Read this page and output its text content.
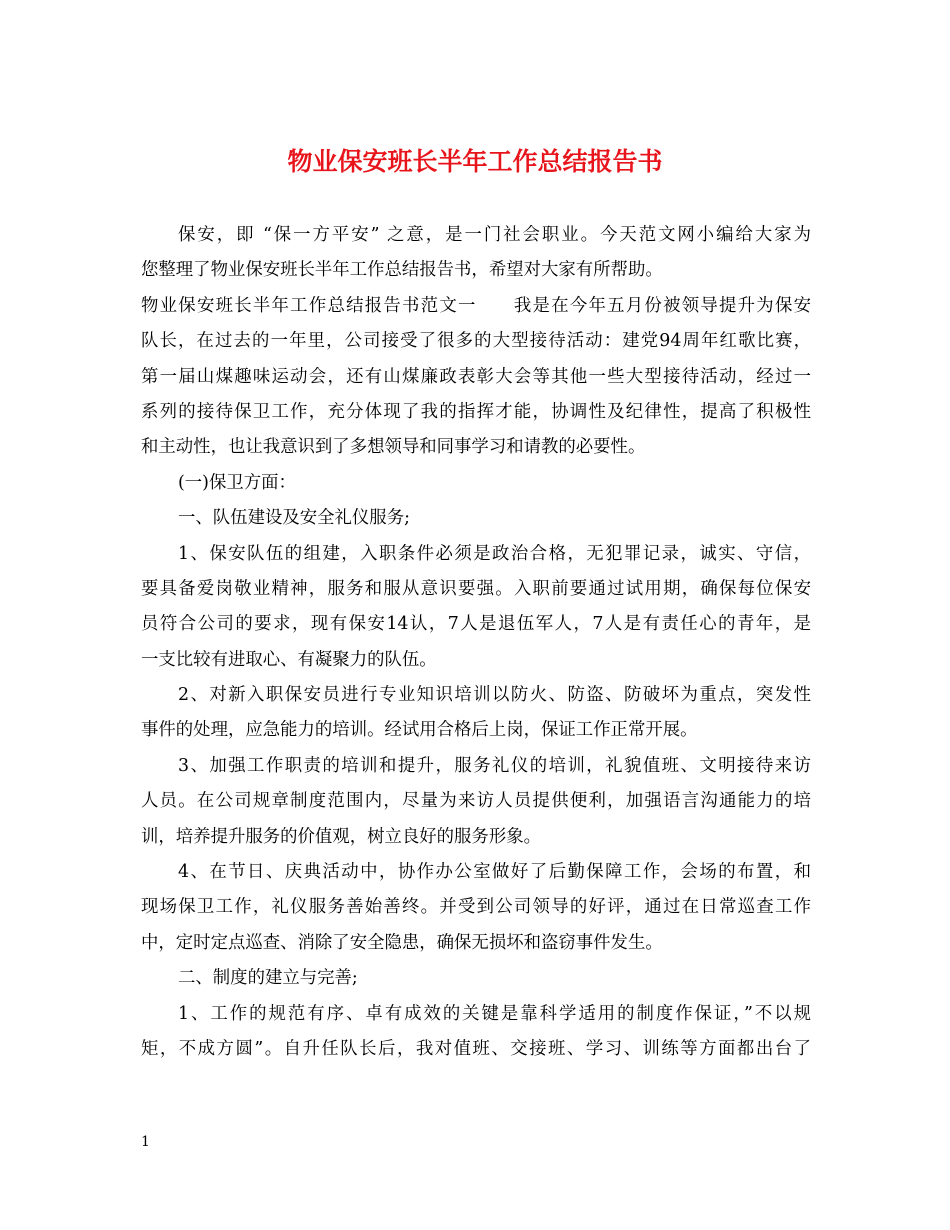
物业保安班长半年工作总结报告书
保安，即 “保一方平安” 之意，是一门社会职业。今天范文网小编给大家为
您整理了物业保安班长半年工作总结报告书，希望对大家有所帮助。
物业保安班长半年工作总结报告书范文一 我是在今年五月份被领导提升为保安
队长，在过去的一年里，公司接受了很多的大型接待活动：建党94周年红歌比赛，
第一届山煤趣味运动会，还有山煤廉政表彰大会等其他一些大型接待活动，经过一
系列的接待保卫工作，充分体现了我的指挥才能，协调性及纪律性，提高了积极性
和主动性，也让我意识到了多想领导和同事学习和请教的必要性。
(一)保卫方面：
一、队伍建设及安全礼仪服务;
1、保安队伍的组建，入职条件必须是政治合格，无犯罪记录，诚实、守信，
要具备爱岗敬业精神，服务和服从意识要强。入职前要通过试用期，确保每位保安
员符合公司的要求，现有保安14认，7人是退伍军人，7人是有责任心的青年，是
一支比较有进取心、有凝聚力的队伍。
2、对新入职保安员进行专业知识培训以防火、防盗、防破坏为重点，突发性
事件的处理，应急能力的培训。经试用合格后上岗，保证工作正常开展。
3、加强工作职责的培训和提升，服务礼仪的培训，礼貌值班、文明接待来访
人员。在公司规章制度范围内，尽量为来访人员提供便利，加强语言沟通能力的培
训，培养提升服务的价值观，树立良好的服务形象。
4、在节日、庆典活动中，协作办公室做好了后勤保障工作，会场的布置，和
现场保卫工作，礼仪服务善始善终。并受到公司领导的好评，通过在日常巡查工作
中，定时定点巡查、消除了安全隐患，确保无损坏和盗窃事件发生。
二、制度的建立与完善;
1、工作的规范有序、卓有成效的关键是靠科学适用的制度作保证，”不以规
矩，不成方圆”。自升任队长后，我对值班、交接班、学习、训练等方面都出台了
1
